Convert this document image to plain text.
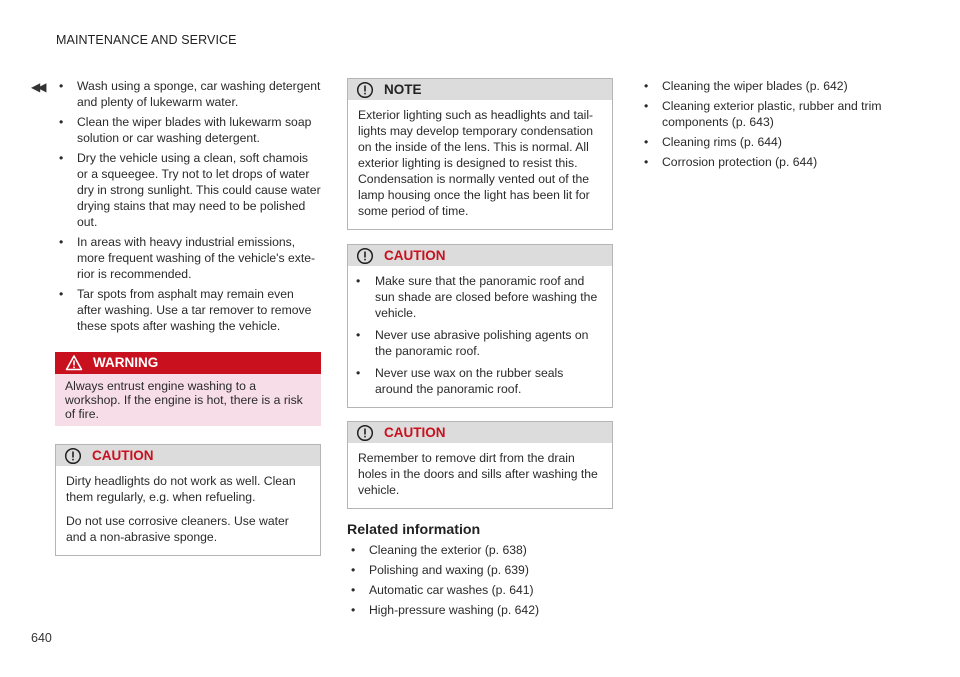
MAINTENANCE AND SERVICE
◀◀
•	Wash using a sponge, car washing detergent and plenty of lukewarm water.
• Clean the wiper blades with lukewarm soap solution or car washing detergent.
• Dry the vehicle using a clean, soft chamois or a squeegee. Try not to let drops of water dry in strong sunlight. This could cause water drying stains that may need to be polished out.
• In areas with heavy industrial emissions, more frequent washing of the vehicle's exte-rior is recommended.
• Tar spots from asphalt may remain even after washing. Use a tar remover to remove these spots after washing the vehicle.
WARNING
Always entrust engine washing to a workshop. If the engine is hot, there is a risk of fire.
CAUTION

Dirty headlights do not work as well. Clean them regularly, e.g. when refueling.

Do not use corrosive cleaners. Use water and a non-abrasive sponge.

NOTE
Exterior lighting such as headlights and tail-lights may develop temporary condensation on the inside of the lens. This is normal. All exterior lighting is designed to resist this. Condensation is normally vented out of the lamp housing once the light has been lit for some period of time.
CAUTION
• Make sure that the panoramic roof and sun shade are closed before washing the vehicle.
• Never use abrasive polishing agents on the panoramic roof.
• Never use wax on the rubber seals around the panoramic roof.
CAUTION
Remember to remove dirt from the drain holes in the doors and sills after washing the vehicle.
Related information
• Cleaning the exterior (p. 638)
• Polishing and waxing (p. 639)
• Automatic car washes (p. 641)
• High-pressure washing (p. 642)
• Cleaning the wiper blades (p. 642)
• Cleaning exterior plastic, rubber and trim components (p. 643)
• Cleaning rims (p. 644)
• Corrosion protection (p. 644)
640
